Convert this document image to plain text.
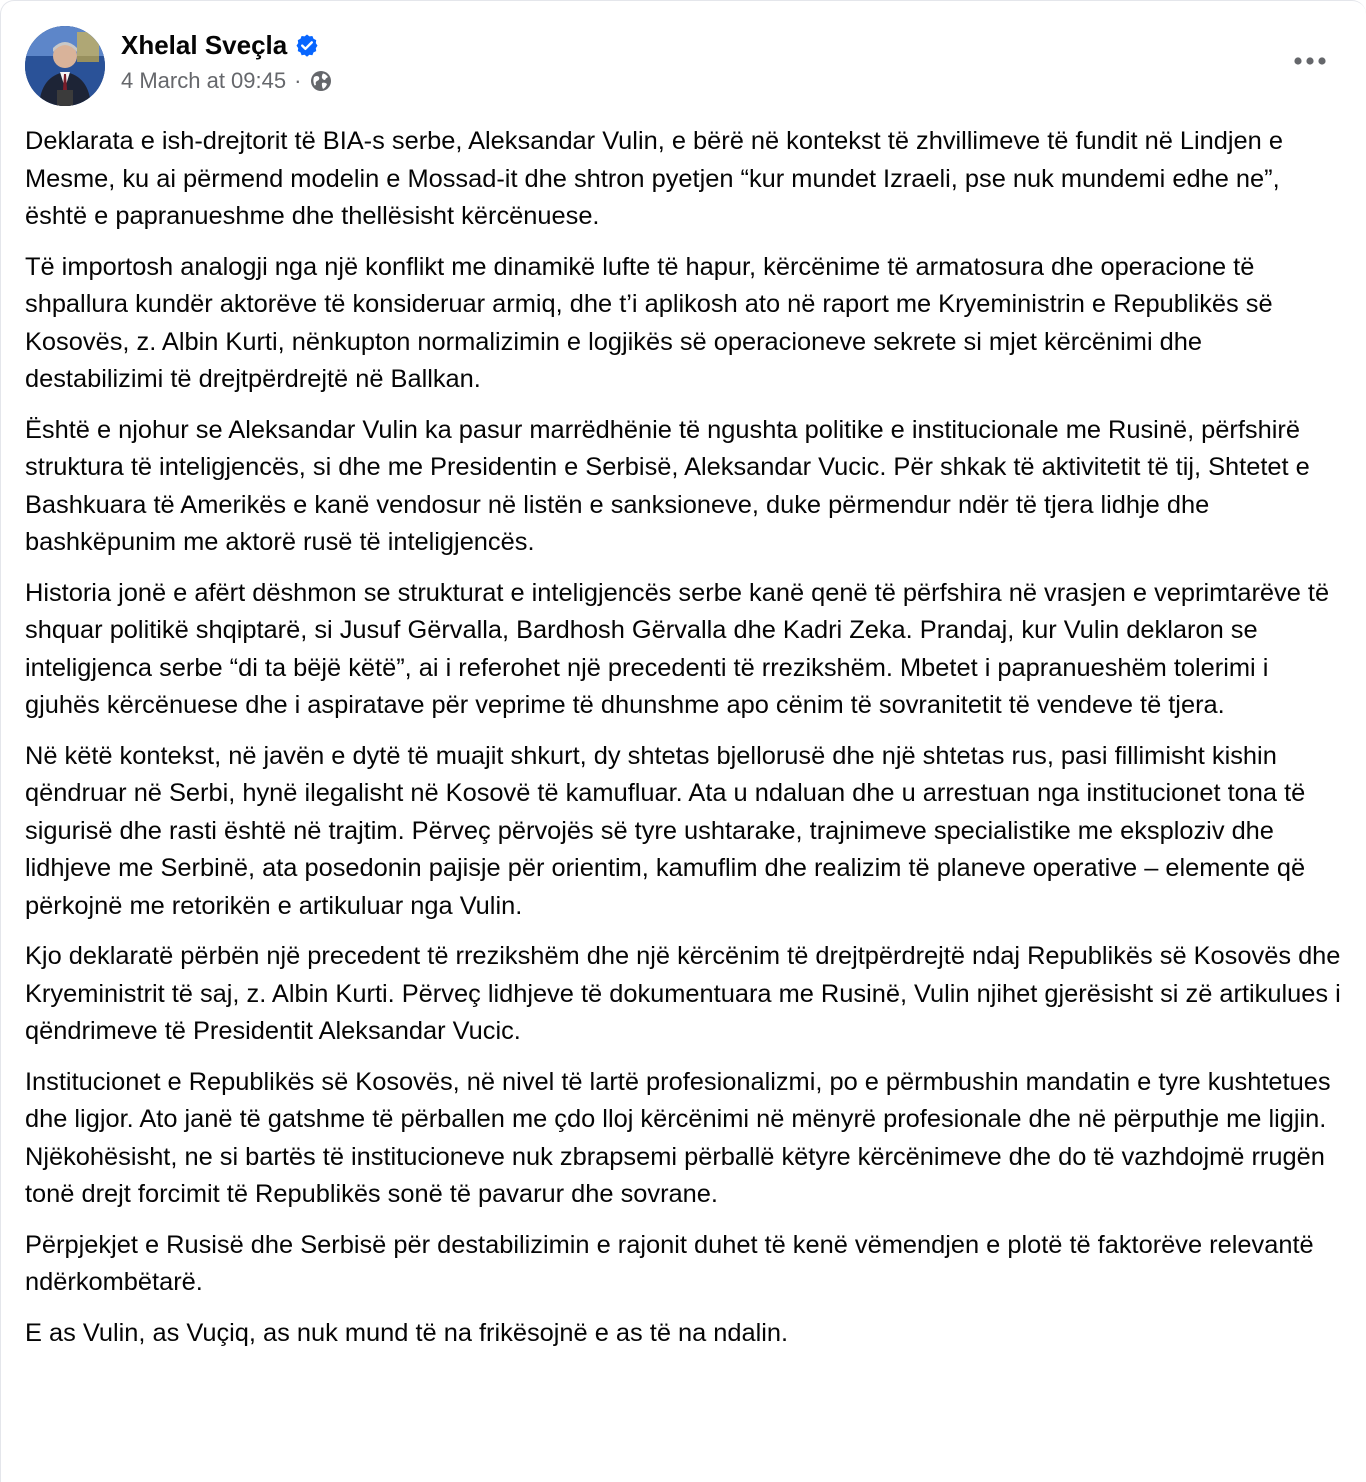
Xhelal Sveçla
4 March at 09:45 ·

Deklarata e ish-drejtorit të BIA-s serbe, Aleksandar Vulin, e bërë në kontekst të zhvillimeve të fundit në Lindjen e Mesme, ku ai përmend modelin e Mossad-it dhe shtron pyetjen “kur mundet Izraeli, pse nuk mundemi edhe ne”, është e papranueshme dhe thellësisht kërcënuese.

Të importosh analogji nga një konflikt me dinamikë lufte të hapur, kërcënime të armatosura dhe operacione të shpallura kundër aktorëve të konsideruar armiq, dhe t’i aplikosh ato në raport me Kryeministrin e Republikës së Kosovës, z. Albin Kurti, nënkupton normalizimin e logjikës së operacioneve sekrete si mjet kërcënimi dhe destabilizimi të drejtpërdrejtë në Ballkan.

Është e njohur se Aleksandar Vulin ka pasur marrëdhënie të ngushta politike e institucionale me Rusinë, përfshirë struktura të inteligjencës, si dhe me Presidentin e Serbisë, Aleksandar Vucic. Për shkak të aktivitetit të tij, Shtetet e Bashkuara të Amerikës e kanë vendosur në listën e sanksioneve, duke përmendur ndër të tjera lidhje dhe bashkëpunim me aktorë rusë të inteligjencës.

Historia jonë e afërt dëshmon se strukturat e inteligjencës serbe kanë qenë të përfshira në vrasjen e veprimtarëve të shquar politikë shqiptarë, si Jusuf Gërvalla, Bardhosh Gërvalla dhe Kadri Zeka. Prandaj, kur Vulin deklaron se inteligjenca serbe “di ta bëjë këtë”, ai i referohet një precedenti të rrezikshëm. Mbetet i papranueshëm tolerimi i gjuhës kërcënuese dhe i aspiratave për veprime të dhunshme apo cënim të sovranitetit të vendeve të tjera.

Në këtë kontekst, në javën e dytë të muajit shkurt, dy shtetas bjellorusë dhe një shtetas rus, pasi fillimisht kishin qëndruar në Serbi, hynë ilegalisht në Kosovë të kamufluar. Ata u ndaluan dhe u arrestuan nga institucionet tona të sigurisë dhe rasti është në trajtim. Përveç përvojës së tyre ushtarake, trajnimeve specialistike me eksploziv dhe lidhjeve me Serbinë, ata posedonin pajisje për orientim, kamuflim dhe realizim të planeve operative – elemente që përkojnë me retorikën e artikuluar nga Vulin.

Kjo deklaratë përbën një precedent të rrezikshëm dhe një kërcënim të drejtpërdrejtë ndaj Republikës së Kosovës dhe Kryeministrit të saj, z. Albin Kurti. Përveç lidhjeve të dokumentuara me Rusinë, Vulin njihet gjerësisht si zë artikulues i qëndrimeve të Presidentit Aleksandar Vucic.

Institucionet e Republikës së Kosovës, në nivel të lartë profesionalizmi, po e përmbushin mandatin e tyre kushtetues dhe ligjor. Ato janë të gatshme të përballen me çdo lloj kërcënimi në mënyrë profesionale dhe në përputhje me ligjin. Njëkohësisht, ne si bartës të institucioneve nuk zbrapsemi përballë këtyre kërcënimeve dhe do të vazhdojmë rrugën tonë drejt forcimit të Republikës sonë të pavarur dhe sovrane.

Përpjekjet e Rusisë dhe Serbisë për destabilizimin e rajonit duhet të kenë vëmendjen e plotë të faktorëve relevantë ndërkombëtarë.

E as Vulin, as Vuçiq, as nuk mund të na frikësojnë e as të na ndalin.
